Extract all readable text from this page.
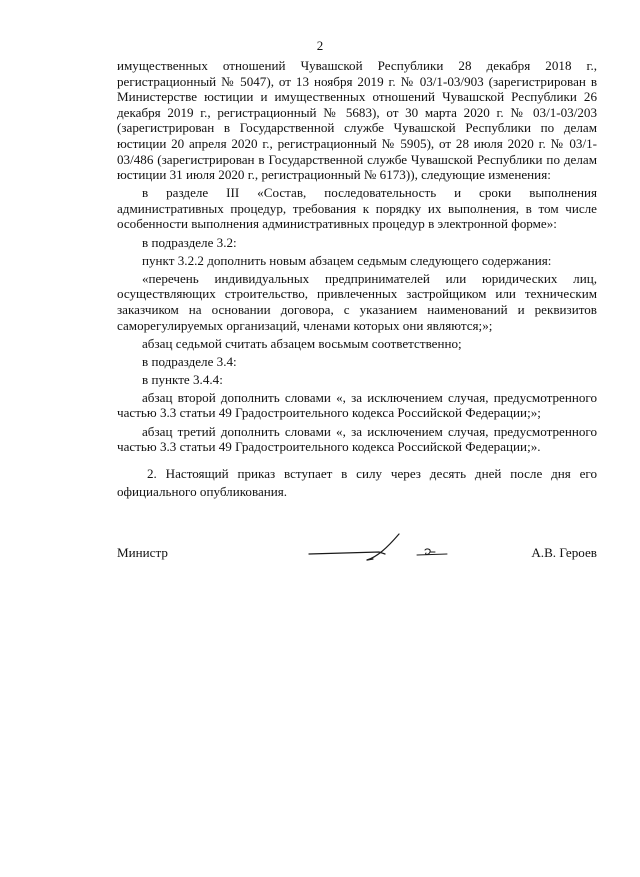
2

имущественных отношений Чувашской Республики 28 декабря 2018 г., регистрационный № 5047), от 13 ноября 2019 г. № 03/1-03/903 (зарегистрирован в Министерстве юстиции и имущественных отношений Чувашской Республики 26 декабря 2019 г., регистрационный № 5683), от 30 марта 2020 г. № 03/1-03/203 (зарегистрирован в Государственной службе Чувашской Республики по делам юстиции 20 апреля 2020 г., регистрационный № 5905), от 28 июля 2020 г. № 03/1-03/486 (зарегистрирован в Государственной службе Чувашской Республики по делам юстиции 31 июля 2020 г., регистрационный № 6173)), следующие изменения:

в разделе III «Состав, последовательность и сроки выполнения административных процедур, требования к порядку их выполнения, в том числе особенности выполнения административных процедур в электронной форме»:

в подразделе 3.2:

пункт 3.2.2 дополнить новым абзацем седьмым следующего содержания:

«перечень индивидуальных предпринимателей или юридических лиц, осуществляющих строительство, привлеченных застройщиком или техническим заказчиком на основании договора, с указанием наименований и реквизитов саморегулируемых организаций, членами которых они являются;»;

абзац седьмой считать абзацем восьмым соответственно;

в подразделе 3.4:

в пункте 3.4.4:

абзац второй дополнить словами «, за исключением случая, предусмотренного частью 3.3 статьи 49 Градостроительного кодекса Российской Федерации;»;

абзац третий дополнить словами «, за исключением случая, предусмотренного частью 3.3 статьи 49 Градостроительного кодекса Российской Федерации;».

2. Настоящий приказ вступает в силу через десять дней после дня его официального опубликования.

Министр	А.В. Героев
